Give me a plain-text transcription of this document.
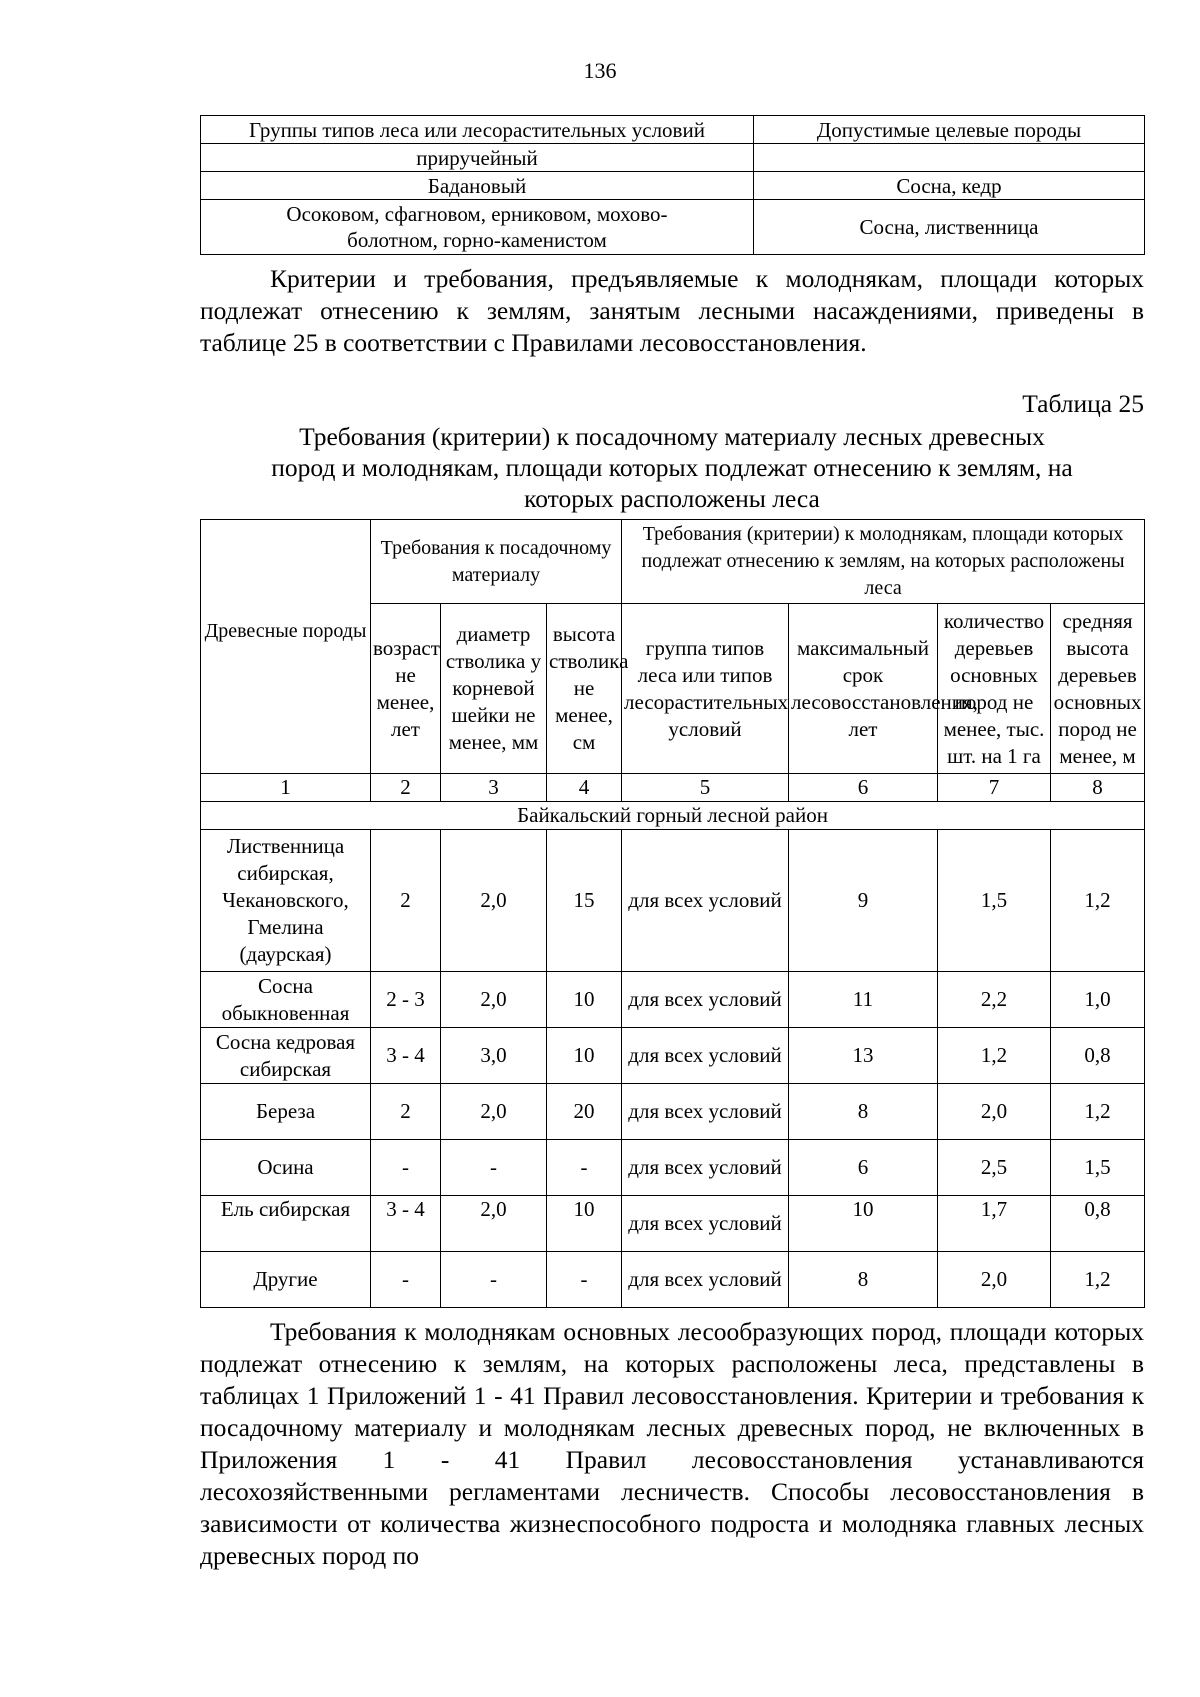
136
Группы типов леса или лесорастительных условий	Допустимые целевые породы
приручейный	
Бадановый	Сосна, кедр
Осоковом, сфагновом, ерниковом, мохово-
болотном, горно-каменистом	Сосна, лиственница

Критерии и требования, предъявляемые к молоднякам, площади которых подлежат отнесению к землям, занятым лесными насаждениями, приведены в таблице 25 в соответствии с Правилами лесовосстановления.

Таблица 25

Требования (критерии) к посадочному материалу лесных древесных
пород и молоднякам, площади которых подлежат отнесению к землям, на
которых расположены леса

Древесные породы	Требования к посадочному материалу			Требования (критерии) к молоднякам, площади которых подлежат отнесению к землям, на которых расположены леса			
	возраст не менее, лет	диаметр стволика у корневой шейки не менее, мм	высота стволика не менее, см	группа типов леса или типов лесорастительных условий	максимальный срок лесовосстановления, лет	количество деревьев основных пород не менее, тыс. шт. на 1 га	средняя высота деревьев основных пород не менее, м
1	2	3	4	5	6	7	8
Байкальский горный лесной район							
Лиственница сибирская, Чекановского, Гмелина (даурская)	2	2,0	15	для всех условий	9	1,5	1,2
Сосна обыкновенная	2 - 3	2,0	10	для всех условий	11	2,2	1,0
Сосна кедровая сибирская	3 - 4	3,0	10	для всех условий	13	1,2	0,8
Береза	2	2,0	20	для всех условий	8	2,0	1,2
Осина	-	-	-	для всех условий	6	2,5	1,5
Ель сибирская	3 - 4	2,0	10	для всех условий	10	1,7	0,8
Другие	-	-	-	для всех условий	8	2,0	1,2

Требования к молоднякам основных лесообразующих пород, площади которых подлежат отнесению к землям, на которых расположены леса, представлены в таблицах 1 Приложений 1 - 41 Правил лесовосстановления. Критерии и требования к посадочному материалу и молоднякам лесных древесных пород, не включенных в Приложения 1 - 41 Правил лесовосстановления устанавливаются лесохозяйственными регламентами лесничеств. Способы лесовосстановления в зависимости от количества жизнеспособного подроста и молодняка главных лесных древесных пород по
